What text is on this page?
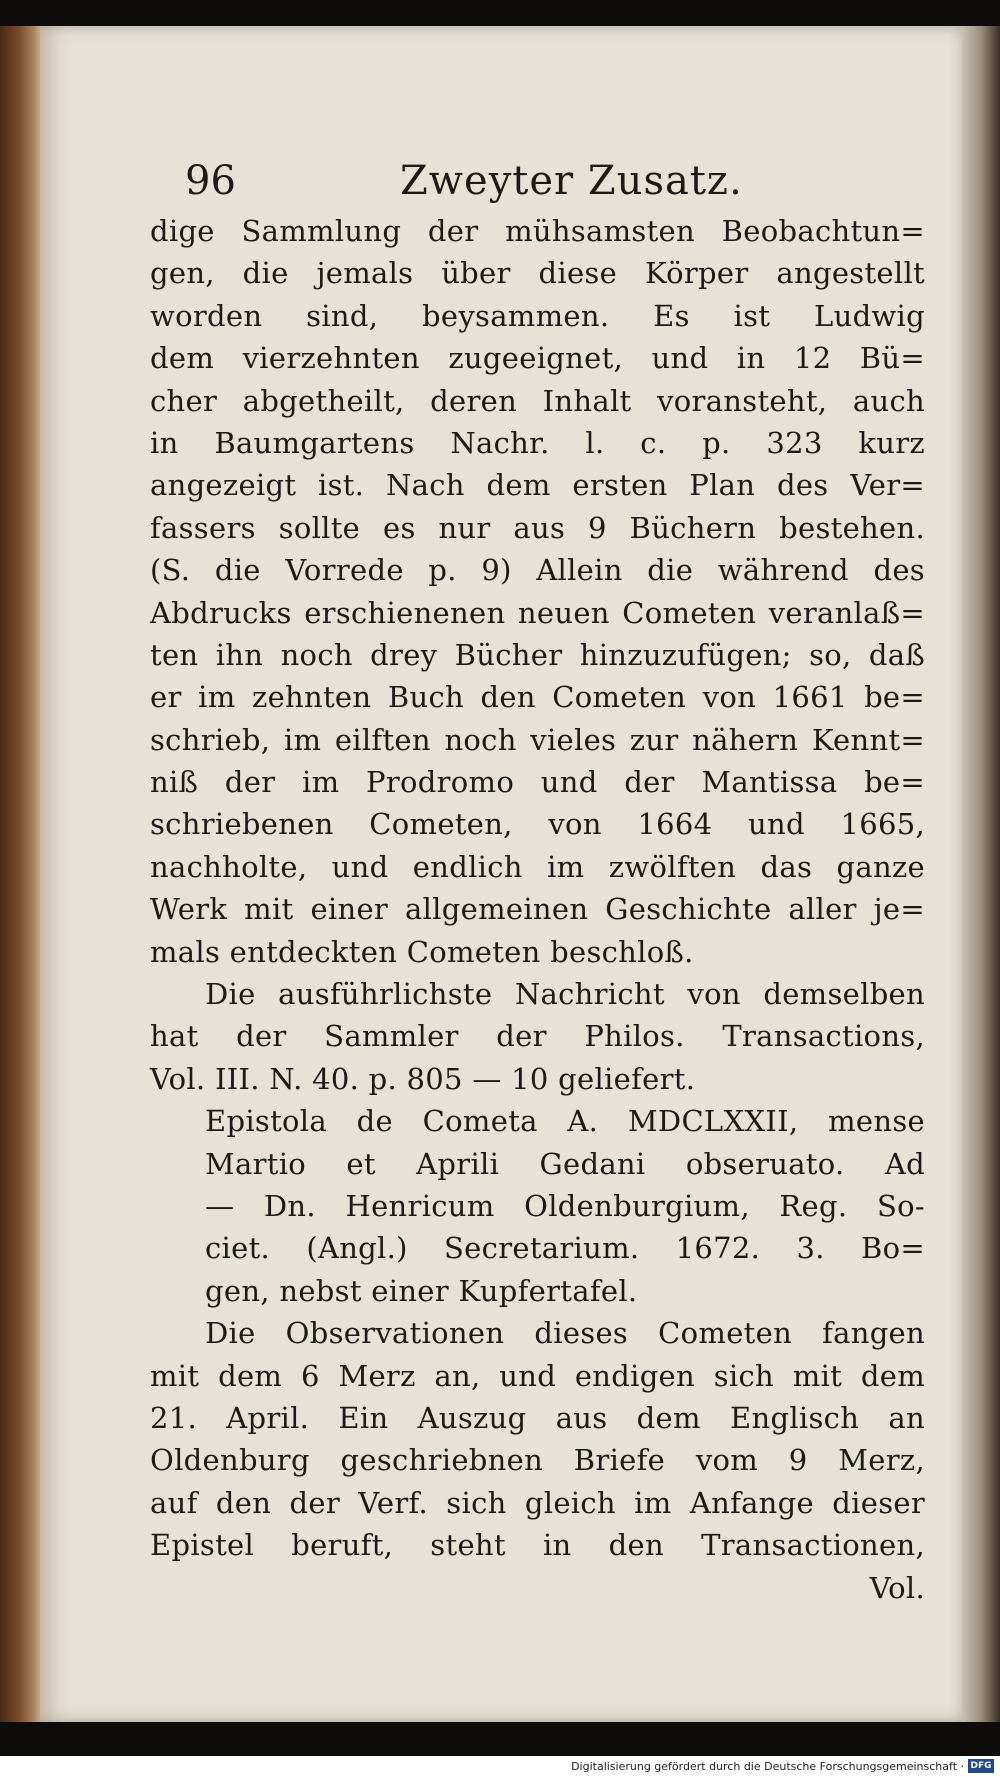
96	Zweyter Zusatz.
dige Sammlung der mühsamsten Beobachtun=
gen, die jemals über diese Körper angestellt
worden sind, beysammen. Es ist Ludwig
dem vierzehnten zugeeignet, und in 12 Bü=
cher abgetheilt, deren Inhalt voransteht, auch
in Baumgartens Nachr. l. c. p. 323 kurz
angezeigt ist. Nach dem ersten Plan des Ver=
fassers sollte es nur aus 9 Büchern bestehen.
(S. die Vorrede p. 9) Allein die während des
Abdrucks erschienenen neuen Cometen veranlaß=
ten ihn noch drey Bücher hinzuzufügen; so, daß
er im zehnten Buch den Cometen von 1661 be=
schrieb, im eilften noch vieles zur nähern Kennt=
niß der im Prodromo und der Mantissa be=
schriebenen Cometen, von 1664 und 1665,
nachholte, und endlich im zwölften das ganze
Werk mit einer allgemeinen Geschichte aller je=
mals entdeckten Cometen beschloß.
Die ausführlichste Nachricht von demselben
hat der Sammler der Philos. Transactions,
Vol. III. N. 40. p. 805 — 10 geliefert.
Epistola de Cometa A. MDCLXXII, mense
Martio et Aprili Gedani obseruato. Ad
— Dn. Henricum Oldenburgium, Reg. So-
ciet. (Angl.) Secretarium. 1672. 3. Bo=
gen, nebst einer Kupfertafel.
Die Observationen dieses Cometen fangen
mit dem 6 Merz an, und endigen sich mit dem
21. April. Ein Auszug aus dem Englisch an
Oldenburg geschriebnen Briefe vom 9 Merz,
auf den der Verf. sich gleich im Anfange dieser
Epistel beruft, steht in den Transactionen,
Vol.
Digitalisierung gefördert durch die Deutsche Forschungsgemeinschaft · DFG
